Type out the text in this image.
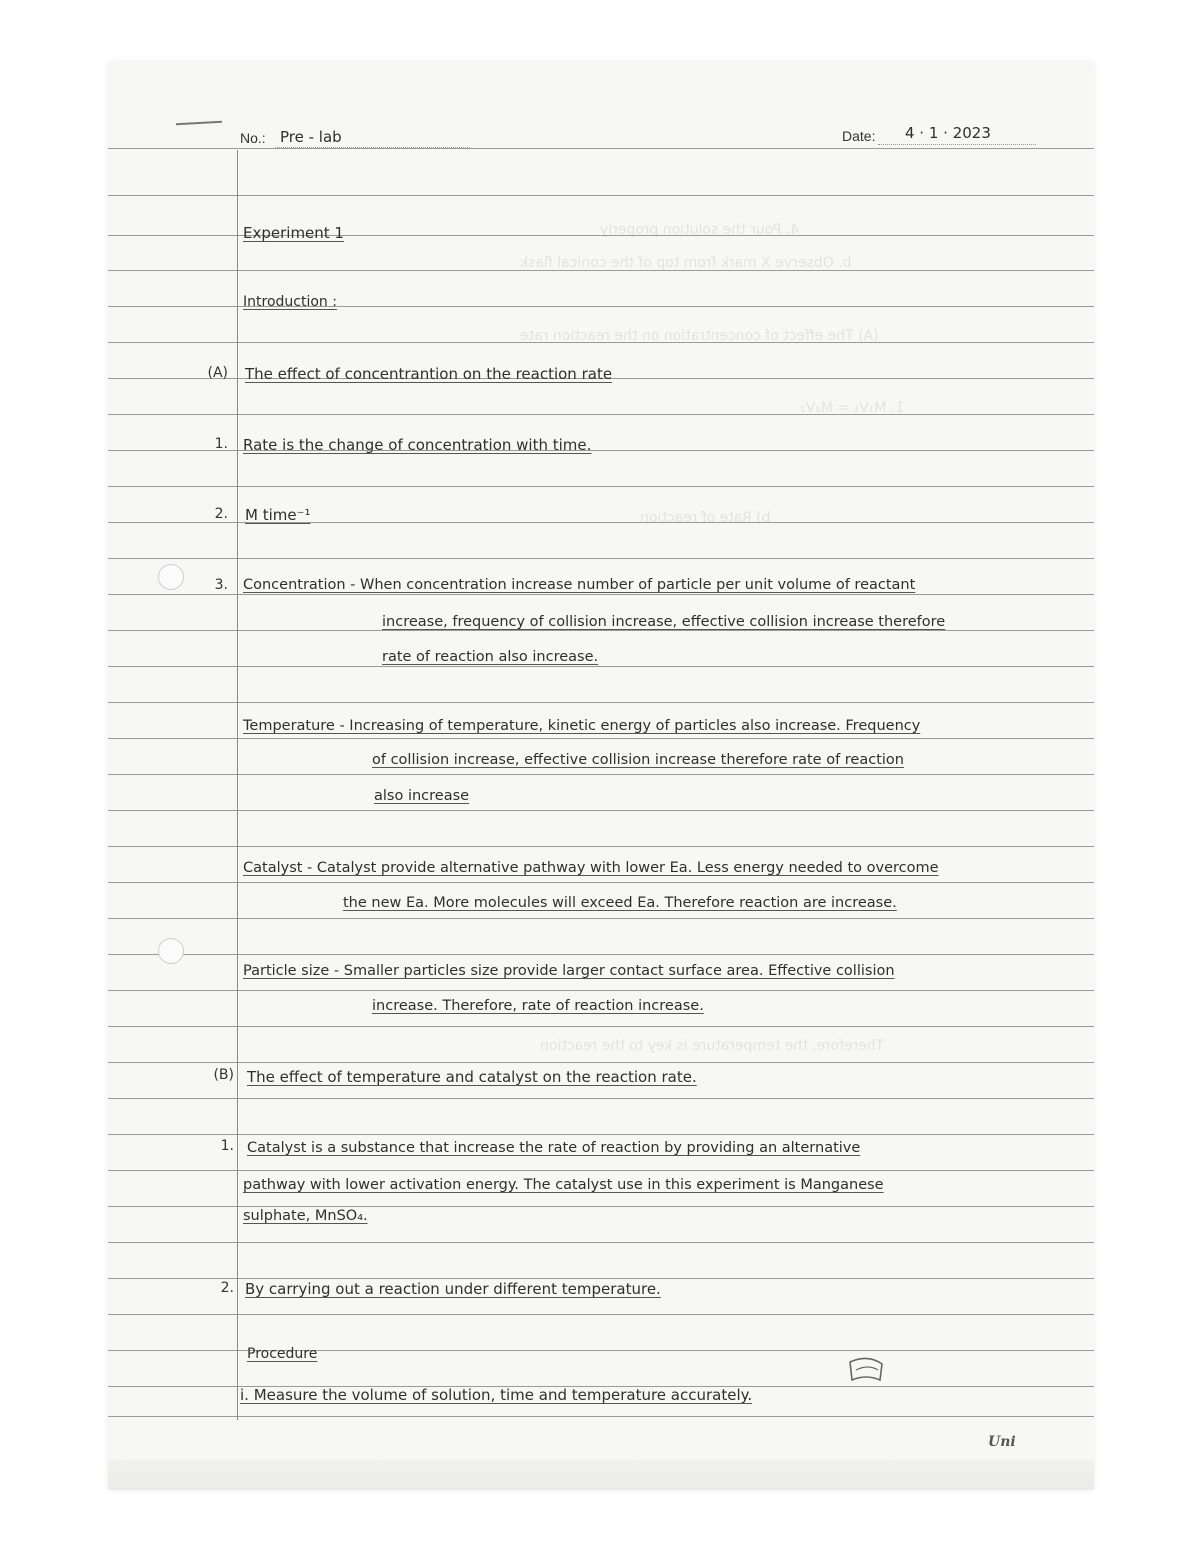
4. Pour the solution properly
b. Observe X mark from top of the conical flask
(A) The effect of concentration on the reaction rate
1. M₁V₁ = M₂V₂
b) Rate of reaction
Therefore, the temperature is key to the reaction
No.: Pre - lab	Date: 4 · 1 · 2023
Experiment 1
Introduction :
(A) The effect of concentrantion on the reaction rate
1. Rate is the change of concentration with time.
2. M time⁻¹
3. Concentration - When concentration increase number of particle per unit volume of reactant
increase, frequency of collision increase, effective collision increase therefore
rate of reaction also increase.
Temperature - Increasing of temperature, kinetic energy of particles also increase. Frequency
of collision increase, effective collision increase therefore rate of reaction
also increase
Catalyst - Catalyst provide alternative pathway with lower Ea. Less energy needed to overcome
the new Ea. More molecules will exceed Ea. Therefore reaction are increase.
Particle size - Smaller particles size provide larger contact surface area. Effective collision
increase. Therefore, rate of reaction increase.
(B) The effect of temperature and catalyst on the reaction rate.
1. Catalyst is a substance that increase the rate of reaction by providing an alternative
pathway with lower activation energy. The catalyst use in this experiment is Manganese
sulphate, MnSO₄.
2. By carrying out a reaction under different temperature.
Procedure
i. Measure the volume of solution, time and temperature accurately.
Uni
